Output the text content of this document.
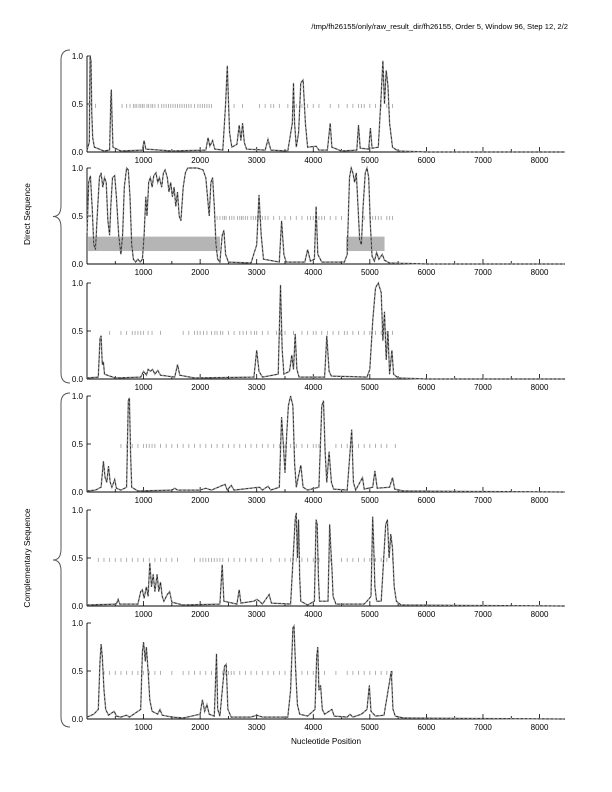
/tmp/fh26155/only/raw_result_dir/fh26155, Order 5, Window 96, Step 12, 2/2
Direct Sequence
Complementary Sequence
1000	2000	3000	4000	5000	6000	7000	8000
1.0
0.5
0.0
1000	2000	3000	4000	5000	6000	7000	8000
1.0
0.5
0.0
1000	2000	3000	4000	5000	6000	7000	8000
1.0
0.5
0.0
1000	2000	3000	4000	5000	6000	7000	8000
1.0
0.5
0.0
1000	2000	3000	4000	5000	6000	7000	8000
1.0
0.5
0.0
1000	2000	3000	4000	5000	6000	7000	8000
1.0
0.5
0.0
Nucleotide Position
